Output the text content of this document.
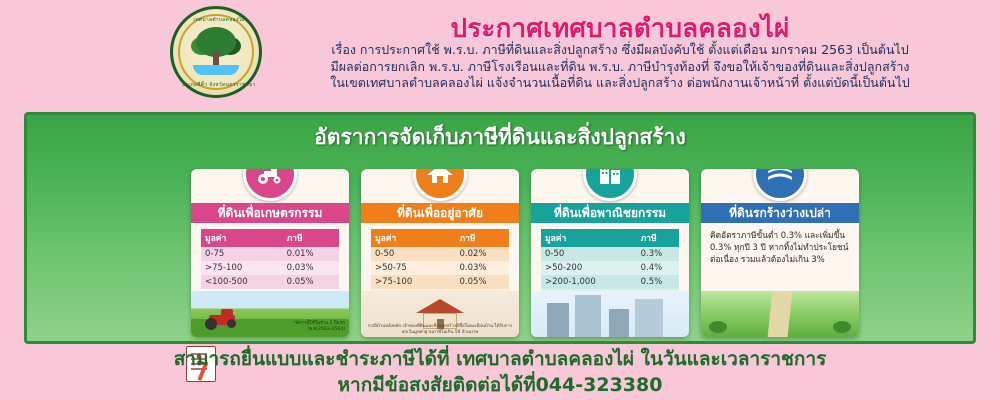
เทศบาลตำบลคลองไผ่
อำเภอสีคิ้ว จังหวัดนครราชสีมา
ประกาศเทศบาลตำบลคลองไผ่
เรื่อง การประกาศใช้ พ.ร.บ. ภาษีที่ดินและสิ่งปลูกสร้าง ซึ่งมีผลบังคับใช้ ตั้งแต่เดือน มกราคม 2563 เป็นต้นไป
มีผลต่อการยกเลิก พ.ร.บ. ภาษีโรงเรือนและที่ดิน พ.ร.บ. ภาษีบำรุงท้องที่ จึงขอให้เจ้าของที่ดินและสิ่งปลูกสร้าง
ในเขตเทศบาลตำบลคลองไผ่ แจ้งจำนวนเนื้อที่ดิน และสิ่งปลูกสร้าง ต่อพนักงานเจ้าหน้าที่ ตั้งแต่บัดนี้เป็นต้นไป
อัตราการจัดเก็บภาษีที่ดินและสิ่งปลูกสร้าง
ที่ดินเพื่อเกษตรกรรม
มูลค่า	ภาษี
0-75	0.01%
>75-100	0.03%
<100-500	0.05%
*อัตรานี้ใช้ในช่วง 2 ปีแรก (พ.ศ.2563-2564)
ที่ดินเพื่ออยู่อาศัย
มูลค่า	ภาษี
0-50	0.02%
>50-75	0.03%
>75-100	0.05%

กรณีบ้านหลังหลัก เจ้าของที่ดินและสิ่งปลูกสร้างมีชื่อในทะเบียนบ้าน ได้รับการยกเว้นมูลค่าฐานภาษีไม่เกิน 50 ล้านบาท
ที่ดินเพื่อพาณิชยกรรม
มูลค่า	ภาษี
0-50	0.3%
>50-200	0.4%
>200-1,000	0.5%

ที่ดินรกร้างว่างเปล่า
คิดอัตราภาษีขั้นต่ำ 0.3% และเพิ่มขึ้น 0.3% ทุกปี 3 ปี หากทิ้งไม่ทำประโยชน์ต่อเนื่อง รวมแล้วต้องไม่เกิน 3%
สามารถยื่นแบบและชำระภาษีได้ที่ เทศบาลตำบลคลองไผ่ ในวันและเวลาราชการ
หากมีข้อสงสัยติดต่อได้ที่044-323380
